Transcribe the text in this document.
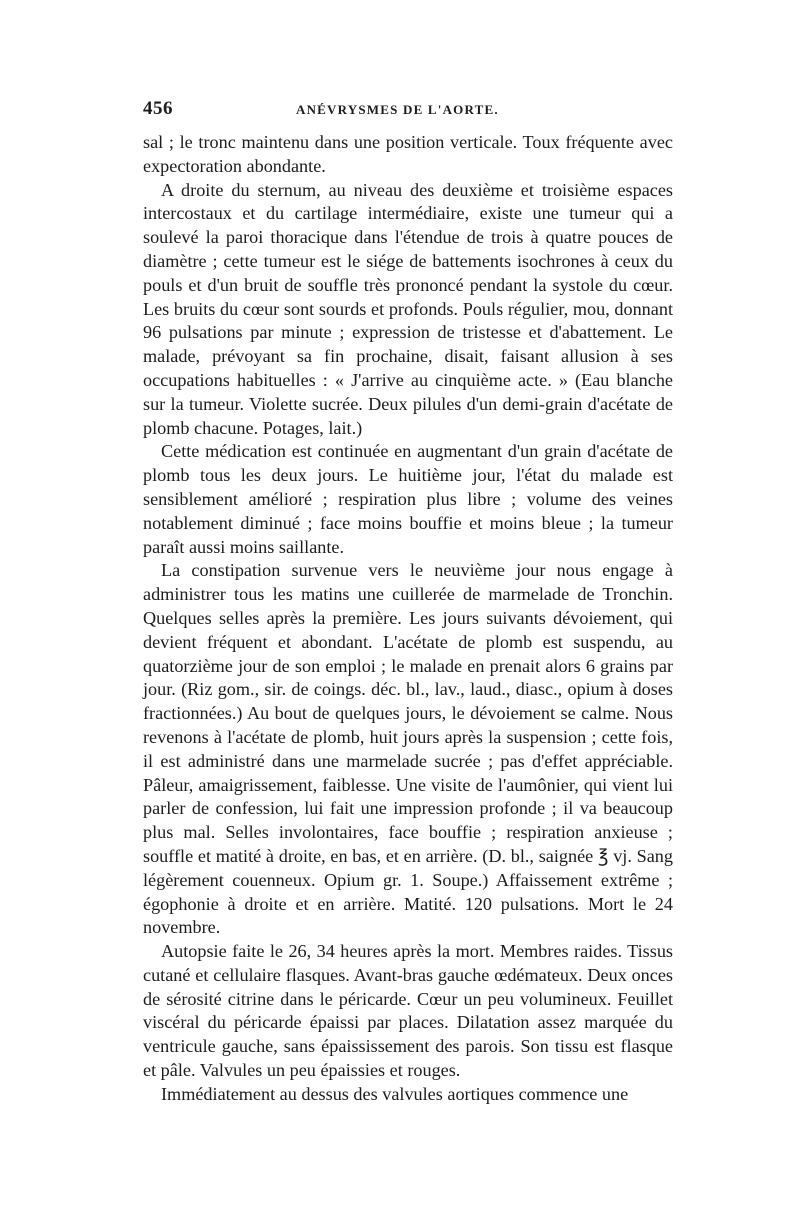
456	ANÉVRYSMES DE L'AORTE.

sal ; le tronc maintenu dans une position verticale. Toux fréquente avec expectoration abondante.

A droite du sternum, au niveau des deuxième et troisième espaces intercostaux et du cartilage intermédiaire, existe une tumeur qui a soulevé la paroi thoracique dans l'étendue de trois à quatre pouces de diamètre ; cette tumeur est le siége de battements isochrones à ceux du pouls et d'un bruit de souffle très prononcé pendant la systole du cœur. Les bruits du cœur sont sourds et profonds. Pouls régulier, mou, donnant 96 pulsations par minute ; expression de tristesse et d'abattement. Le malade, prévoyant sa fin prochaine, disait, faisant allusion à ses occupations habituelles : « J'arrive au cinquième acte. » (Eau blanche sur la tumeur. Violette sucrée. Deux pilules d'un demi-grain d'acétate de plomb chacune. Potages, lait.)

Cette médication est continuée en augmentant d'un grain d'acétate de plomb tous les deux jours. Le huitième jour, l'état du malade est sensiblement amélioré ; respiration plus libre ; volume des veines notablement diminué ; face moins bouffie et moins bleue ; la tumeur paraît aussi moins saillante.

La constipation survenue vers le neuvième jour nous engage à administrer tous les matins une cuillerée de marmelade de Tronchin. Quelques selles après la première. Les jours suivants dévoiement, qui devient fréquent et abondant. L'acétate de plomb est suspendu, au quatorzième jour de son emploi ; le malade en prenait alors 6 grains par jour. (Riz gom., sir. de coings. déc. bl., lav., laud., diasc., opium à doses fractionnées.) Au bout de quelques jours, le dévoiement se calme. Nous revenons à l'acétate de plomb, huit jours après la suspension ; cette fois, il est administré dans une marmelade sucrée ; pas d'effet appréciable. Pâleur, amaigrissement, faiblesse. Une visite de l'aumônier, qui vient lui parler de confession, lui fait une impression profonde ; il va beaucoup plus mal. Selles involontaires, face bouffie ; respiration anxieuse ; souffle et matité à droite, en bas, et en arrière. (D. bl., saignée ℥ vj. Sang légèrement couenneux. Opium gr. 1. Soupe.) Affaissement extrême ; égophonie à droite et en arrière. Matité. 120 pulsations. Mort le 24 novembre.

Autopsie faite le 26, 34 heures après la mort. Membres raides. Tissus cutané et cellulaire flasques. Avant-bras gauche œdémateux. Deux onces de sérosité citrine dans le péricarde. Cœur un peu volumineux. Feuillet viscéral du péricarde épaissi par places. Dilatation assez marquée du ventricule gauche, sans épaississement des parois. Son tissu est flasque et pâle. Valvules un peu épaissies et rouges.

Immédiatement au dessus des valvules aortiques commence une
